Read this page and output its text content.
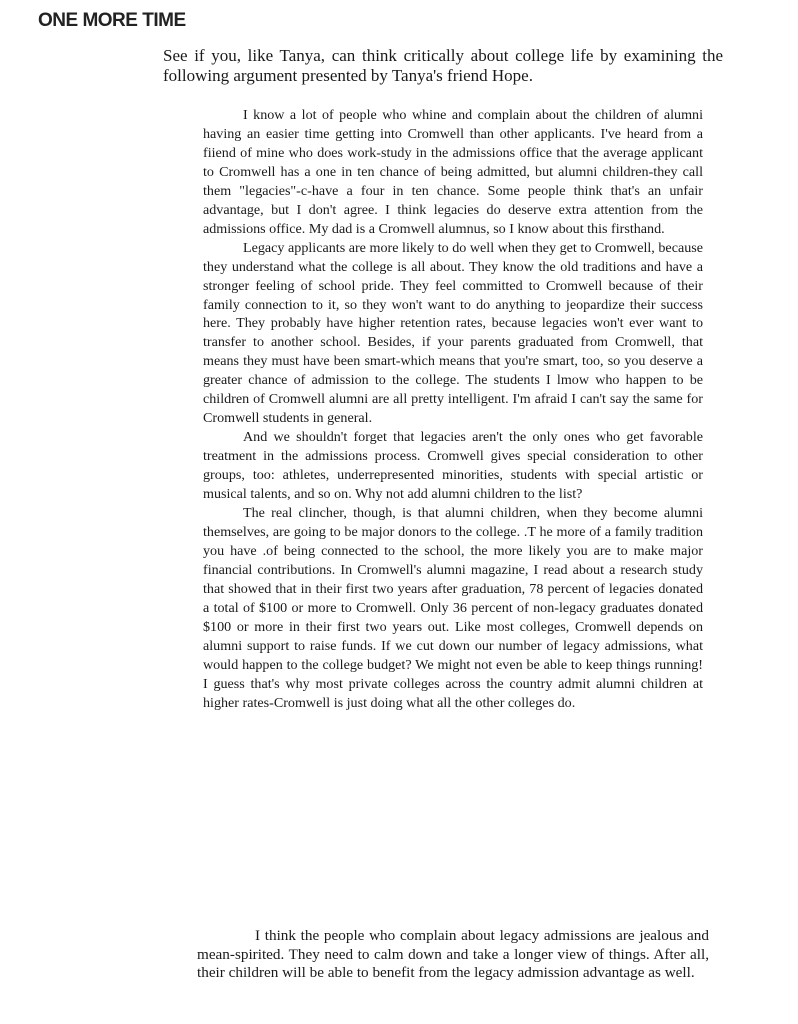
ONE MORE TIME
See if you, like Tanya, can think critically about college life by examining the following argument presented by Tanya's friend Hope.

I know a lot of people who whine and complain about the children of alumni having an easier time getting into Cromwell than other applicants. I've heard from a fiiend of mine who does work-study in the admissions office that the average applicant to Cromwell has a one in ten chance of being admitted, but alumni children-they call them "legacies"-c-have a four in ten chance. Some people think that's an unfair advantage, but I don't agree. I think legacies do deserve extra attention from the admissions office. My dad is a Cromwell alumnus, so I know about this firsthand.

Legacy applicants are more likely to do well when they get to Cromwell, because they understand what the college is all about. They know the old traditions and have a stronger feeling of school pride. They feel committed to Cromwell because of their family connection to it, so they won't want to do anything to jeopardize their success here. They probably have higher retention rates, because legacies won't ever want to transfer to another school. Besides, if your parents graduated from Cromwell, that means they must have been smart-which means that you're smart, too, so you deserve a greater chance of admission to the college. The students I lmow who happen to be children of Cromwell alumni are all pretty intelligent. I'm afraid I can't say the same for Cromwell students in general.

And we shouldn't forget that legacies aren't the only ones who get favorable treatment in the admissions process. Cromwell gives special consideration to other groups, too: athletes, underrepresented minorities, students with special artistic or musical talents, and so on. Why not add alumni children to the list?

The real clincher, though, is that alumni children, when they become alumni themselves, are going to be major donors to the college. .T he more of a family tradition you have .of being connected to the school, the more likely you are to make major financial contributions. In Cromwell's alumni magazine, I read about a research study that showed that in their first two years after graduation, 78 percent of legacies donated a total of $100 or more to Cromwell. Only 36 percent of non-legacy graduates donated $100 or more in their first two years out. Like most colleges, Cromwell depends on alumni support to raise funds. If we cut down our number of legacy admissions, what would happen to the college budget? We might not even be able to keep things running! I guess that's why most private colleges across the country admit alumni children at higher rates-Cromwell is just doing what all the other colleges do.

I think the people who complain about legacy admissions are jealous and mean-spirited. They need to calm down and take a longer view of things. After all, their children will be able to benefit from the legacy admission advantage as well.
